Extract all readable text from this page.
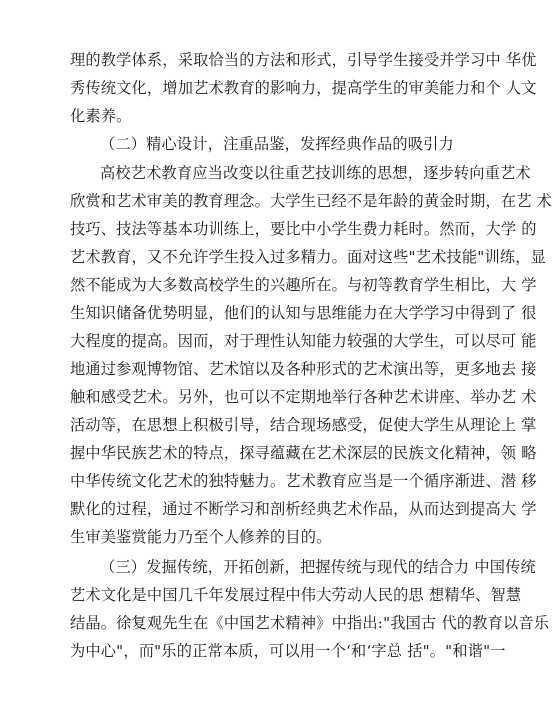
理的教学体系，采取恰当的方法和形式，引导学生接受并学习中 华优
秀传统文化，增加艺术教育的影响力，提高学生的审美能力和个 人文
化素养。
（二）精心设计，注重品鉴，发挥经典作品的吸引力
高校艺术教育应当改变以往重艺技训练的思想，逐步转向重艺术
欣赏和艺术审美的教育理念。大学生已经不是年龄的黄金时期，在艺 术
技巧、技法等基本功训练上，要比中小学生费力耗时。然而，大学 的
艺术教育，又不允许学生投入过多精力。面对这些"艺术技能"训练，显
然不能成为大多数高校学生的兴趣所在。与初等教育学生相比，大 学
生知识储备优势明显，他们的认知与思维能力在大学学习中得到了 很
大程度的提高。因而，对于理性认知能力较强的大学生，可以尽可 能
地通过参观博物馆、艺术馆以及各种形式的艺术演出等，更多地去 接
触和感受艺术。另外，也可以不定期地举行各种艺术讲座、举办艺 术
活动等，在思想上积极引导，结合现场感受，促使大学生从理论上 掌
握中华民族艺术的特点，探寻蕴藏在艺术深层的民族文化精神，领 略
中华传统文化艺术的独特魅力。艺术教育应当是一个循序渐进、潜 移
默化的过程，通过不断学习和剖析经典艺术作品，从而达到提高大 学
生审美鉴赏能力乃至个人修养的目的。
（三）发掘传统，开拓创新，把握传统与现代的结合力 中国传统
艺术文化是中国几千年发展过程中伟大劳动人民的思 想精华、智慧
结晶。徐复观先生在《中国艺术精神》中指出:"我国古 代的教育以音乐
为中心"，而"乐的正常本质，可以用一个‘和‘字总 括"。"和谐"一
